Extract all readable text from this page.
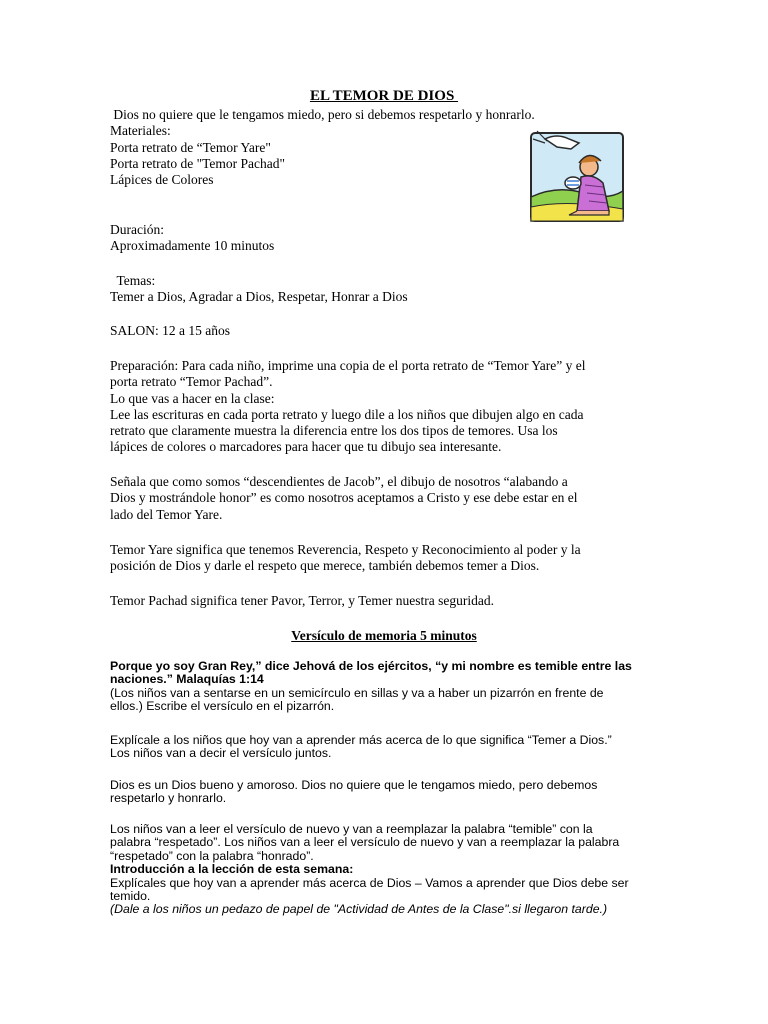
EL TEMOR DE DIOS
Dios no quiere que le tengamos miedo, pero si debemos respetarlo y honrarlo.
Materiales:
Porta retrato de “Temor Yare"
Porta retrato de "Temor Pachad"
Lápices de Colores
Duración:
Aproximadamente 10 minutos
Temas:
Temer a Dios, Agradar a Dios, Respetar, Honrar a Dios
SALON: 12 a 15 años
Preparación: Para cada niño, imprime una copia de el porta retrato de “Temor Yare” y el
porta retrato “Temor Pachad”.
Lo que vas a hacer en la clase:
Lee las escrituras en cada porta retrato y luego dile a los niños que dibujen algo en cada
retrato que claramente muestra la diferencia entre los dos tipos de temores. Usa los
lápices de colores o marcadores para hacer que tu dibujo sea interesante.
Señala que como somos “descendientes de Jacob”, el dibujo de nosotros “alabando a
Dios y mostrándole honor” es como nosotros aceptamos a Cristo y ese debe estar en el
lado del Temor Yare.
Temor Yare significa que tenemos Reverencia, Respeto y Reconocimiento al poder y la
posición de Dios y darle el respeto que merece, también debemos temer a Dios.
Temor Pachad significa tener Pavor, Terror, y Temer nuestra seguridad.
Versículo de memoria 5 minutos
Porque yo soy Gran Rey,” dice Jehová de los ejércitos, “y mi nombre es temible entre las
naciones.” Malaquías 1:14
(Los niños van a sentarse en un semicírculo en sillas y va a haber un pizarrón en frente de
ellos.) Escribe el versículo en el pizarrón.
Explícale a los niños que hoy van a aprender más acerca de lo que significa “Temer a Dios.”
Los niños van a decir el versículo juntos.
Dios es un Dios bueno y amoroso. Dios no quiere que le tengamos miedo, pero debemos
respetarlo y honrarlo.
Los niños van a leer el versículo de nuevo y van a reemplazar la palabra “temible” con la
palabra “respetado”. Los niños van a leer el versículo de nuevo y van a reemplazar la palabra
“respetado” con la palabra “honrado”.
Introducción a la lección de esta semana:
Explícales que hoy van a aprender más acerca de Dios – Vamos a aprender que Dios debe ser
temido.
(Dale a los niños un pedazo de papel de "Actividad de Antes de la Clase".si llegaron tarde.)
